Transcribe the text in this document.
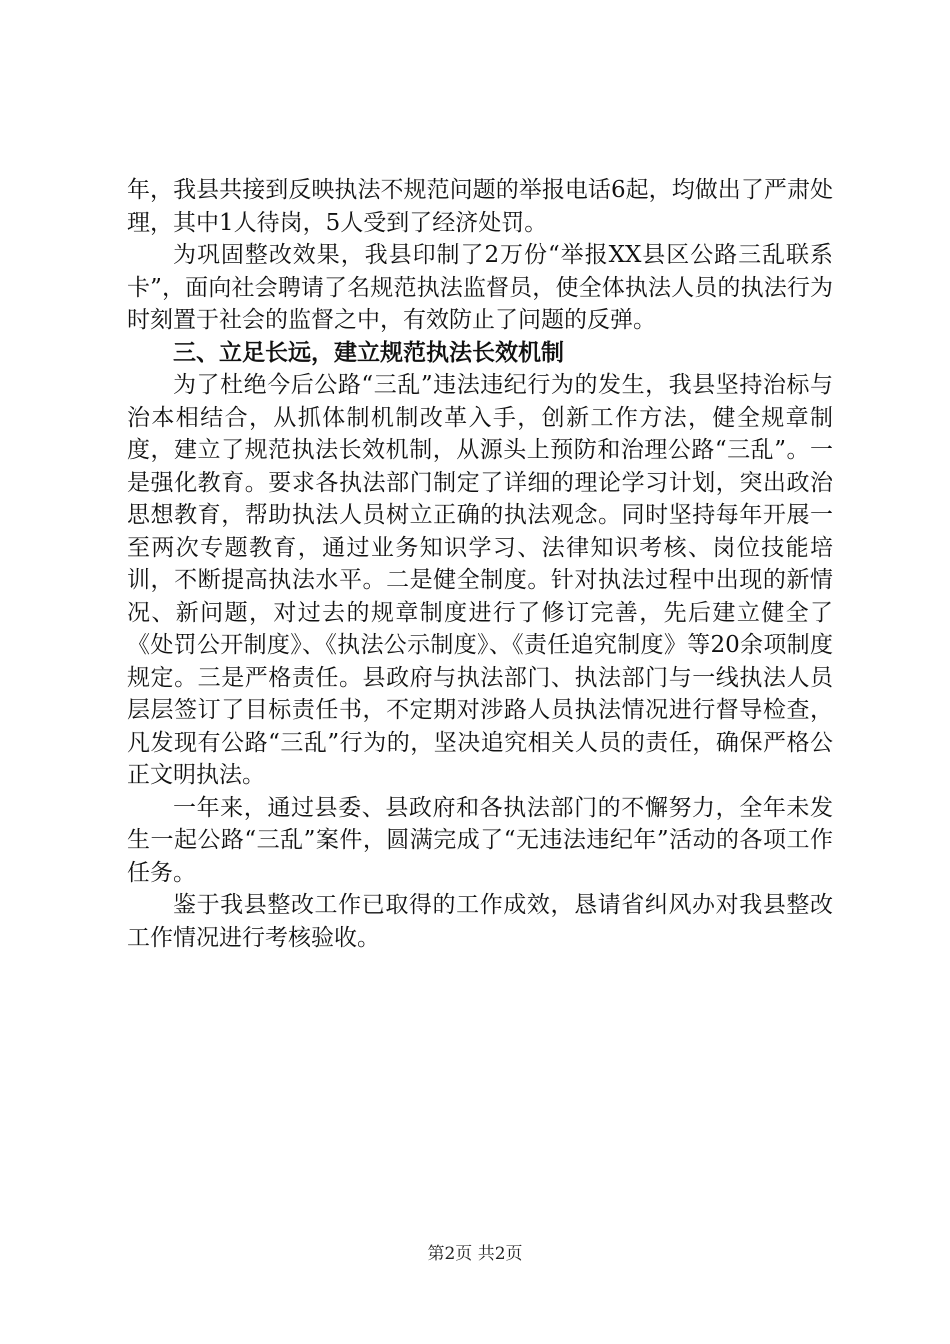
年，我县共接到反映执法不规范问题的举报电话6起，均做出了严肃处理，其中1人待岗，5人受到了经济处罚。

为巩固整改效果，我县印制了2万份“举报XX县区公路三乱联系卡”，面向社会聘请了名规范执法监督员，使全体执法人员的执法行为时刻置于社会的监督之中，有效防止了问题的反弹。

三、立足长远，建立规范执法长效机制

为了杜绝今后公路“三乱”违法违纪行为的发生，我县坚持治标与治本相结合，从抓体制机制改革入手，创新工作方法，健全规章制度，建立了规范执法长效机制，从源头上预防和治理公路“三乱”。一是强化教育。要求各执法部门制定了详细的理论学习计划，突出政治思想教育，帮助执法人员树立正确的执法观念。同时坚持每年开展一至两次专题教育，通过业务知识学习、法律知识考核、岗位技能培训，不断提高执法水平。二是健全制度。针对执法过程中出现的新情况、新问题，对过去的规章制度进行了修订完善，先后建立健全了《处罚公开制度》、《执法公示制度》、《责任追究制度》等20余项制度规定。三是严格责任。县政府与执法部门、执法部门与一线执法人员层层签订了目标责任书，不定期对涉路人员执法情况进行督导检查，凡发现有公路“三乱”行为的，坚决追究相关人员的责任，确保严格公正文明执法。

一年来，通过县委、县政府和各执法部门的不懈努力，全年未发生一起公路“三乱”案件，圆满完成了“无违法违纪年”活动的各项工作任务。

鉴于我县整改工作已取得的工作成效，恳请省纠风办对我县整改工作情况进行考核验收。

第2页 共2页
